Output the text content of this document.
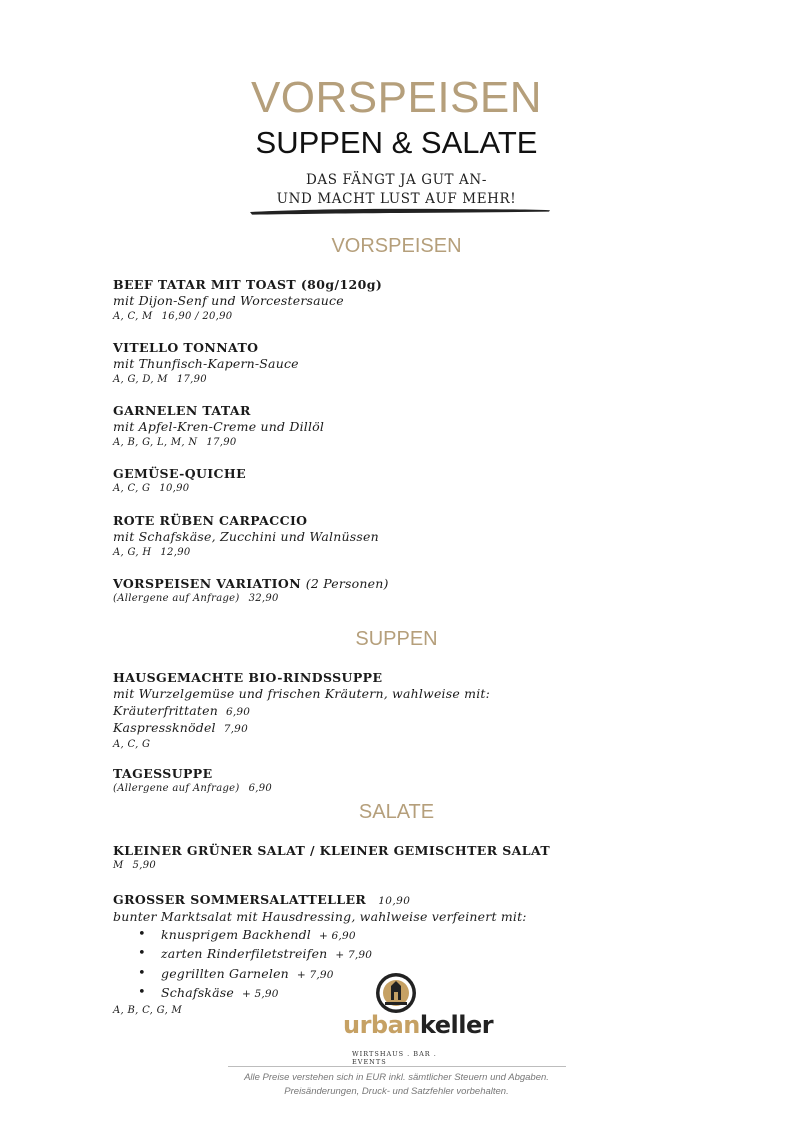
VORSPEISEN
SUPPEN & SALATE
DAS FÄNGT JA GUT AN-
UND MACHT LUST AUF MEHR!
VORSPEISEN
BEEF TATAR MIT TOAST (80g/120g)
mit Dijon-Senf und Worcestersauce
A, C, M 16,90 / 20,90
VITELLO TONNATO
mit Thunfisch-Kapern-Sauce
A, G, D, M 17,90
GARNELEN TATAR
mit Apfel-Kren-Creme und Dillöl
A, B, G, L, M, N 17,90
GEMÜSE-QUICHE
A, C, G 10,90
ROTE RÜBEN CARPACCIO
mit Schafskäse, Zucchini und Walnüssen
A, G, H 12,90
VORSPEISEN VARIATION (2 Personen)
(Allergene auf Anfrage) 32,90
SUPPEN
HAUSGEMACHTE BIO-RINDSSUPPE
mit Wurzelgemüse und frischen Kräutern, wahlweise mit:
Kräuterfrittaten 6,90
Kaspressknödel 7,90
A, C, G
TAGESSUPPE
(Allergene auf Anfrage) 6,90
SALATE
KLEINER GRÜNER SALAT / KLEINER GEMISCHTER SALAT
M 5,90
GROSSER SOMMERSALATTELLER 10,90
bunter Marktsalat mit Hausdressing, wahlweise verfeinert mit:
• knusprigem Backhendl + 6,90
• zarten Rinderfiletstreifen + 7,90
• gegrillten Garnelen + 7,90
• Schafskäse + 5,90
A, B, C, G, M
urbankeller
WIRTSHAUS . BAR . EVENTS
Alle Preise verstehen sich in EUR inkl. sämtlicher Steuern und Abgaben.
Preisänderungen, Druck- und Satzfehler vorbehalten.
